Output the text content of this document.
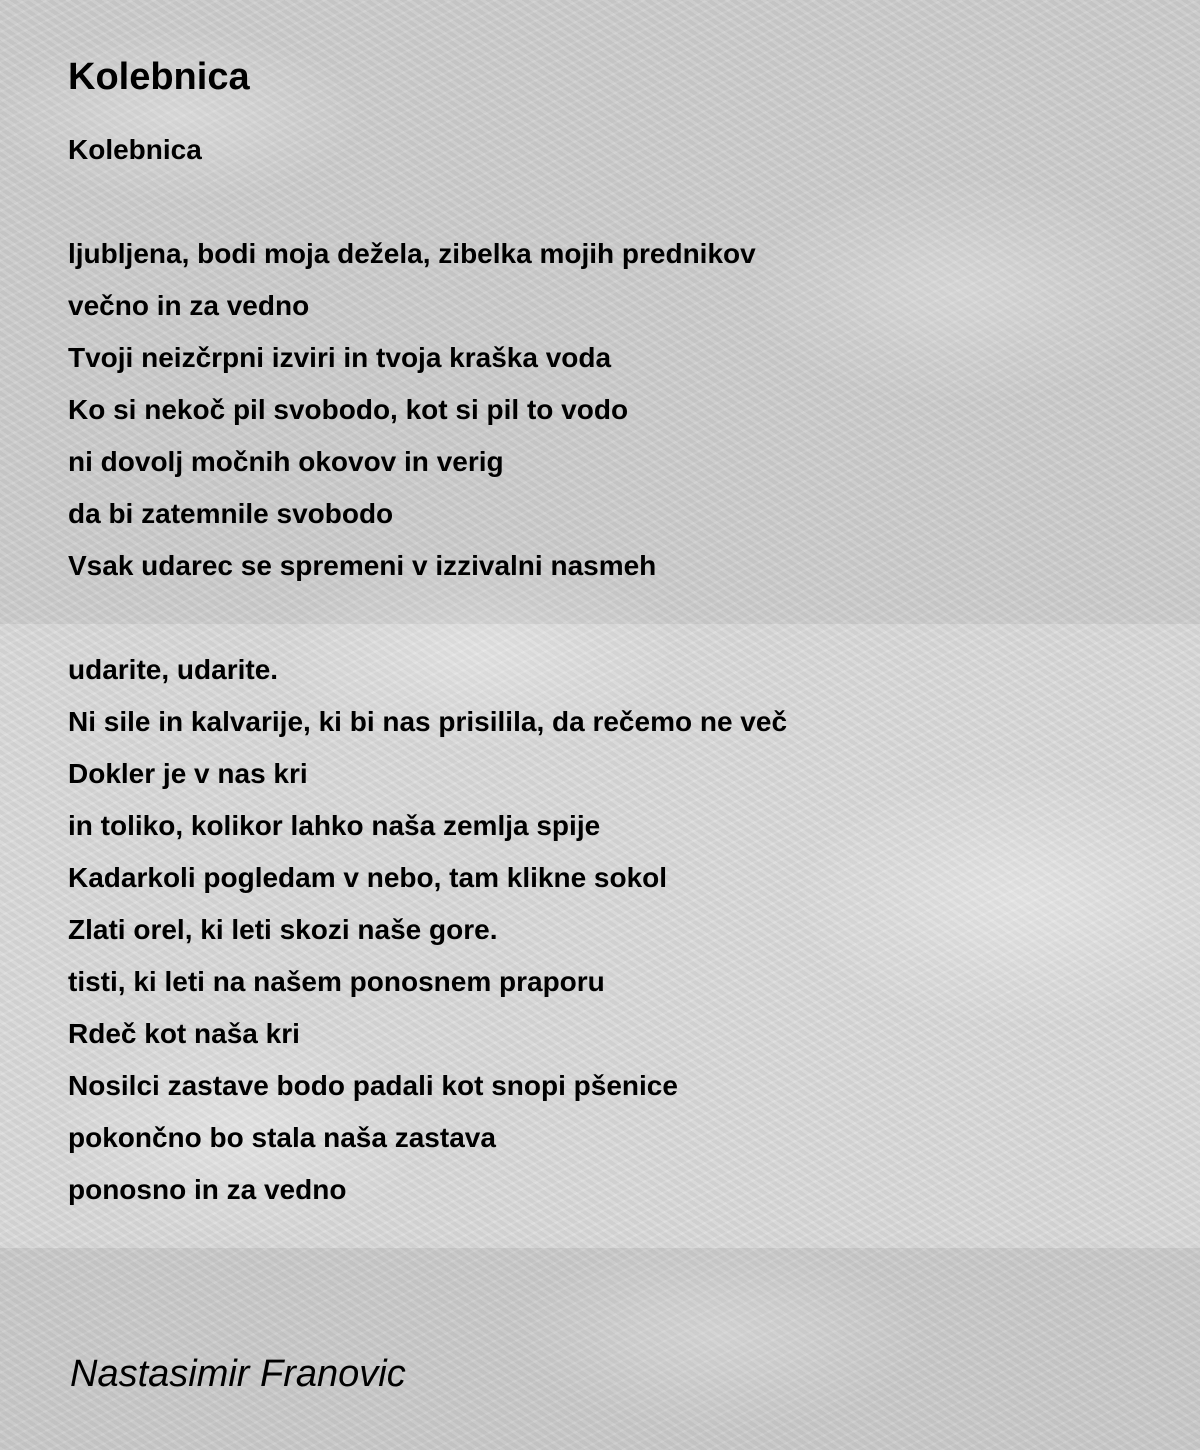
Kolebnica
Kolebnica
ljubljena, bodi moja dežela, zibelka mojih prednikov
večno in za vedno
Tvoji neizčrpni izviri in tvoja kraška voda
Ko si nekoč pil svobodo, kot si pil to vodo
ni dovolj močnih okovov in verig
da bi zatemnile svobodo
Vsak udarec se spremeni v izzivalni nasmeh
udarite, udarite.
Ni sile in kalvarije, ki bi nas prisilila, da rečemo ne več
Dokler je v nas kri
in toliko, kolikor lahko naša zemlja spije
Kadarkoli pogledam v nebo, tam klikne sokol
Zlati orel, ki leti skozi naše gore.
tisti, ki leti na našem ponosnem praporu
Rdeč kot naša kri
Nosilci zastave bodo padali kot snopi pšenice
pokončno bo stala naša zastava
ponosno in za vedno
Nastasimir Franovic
